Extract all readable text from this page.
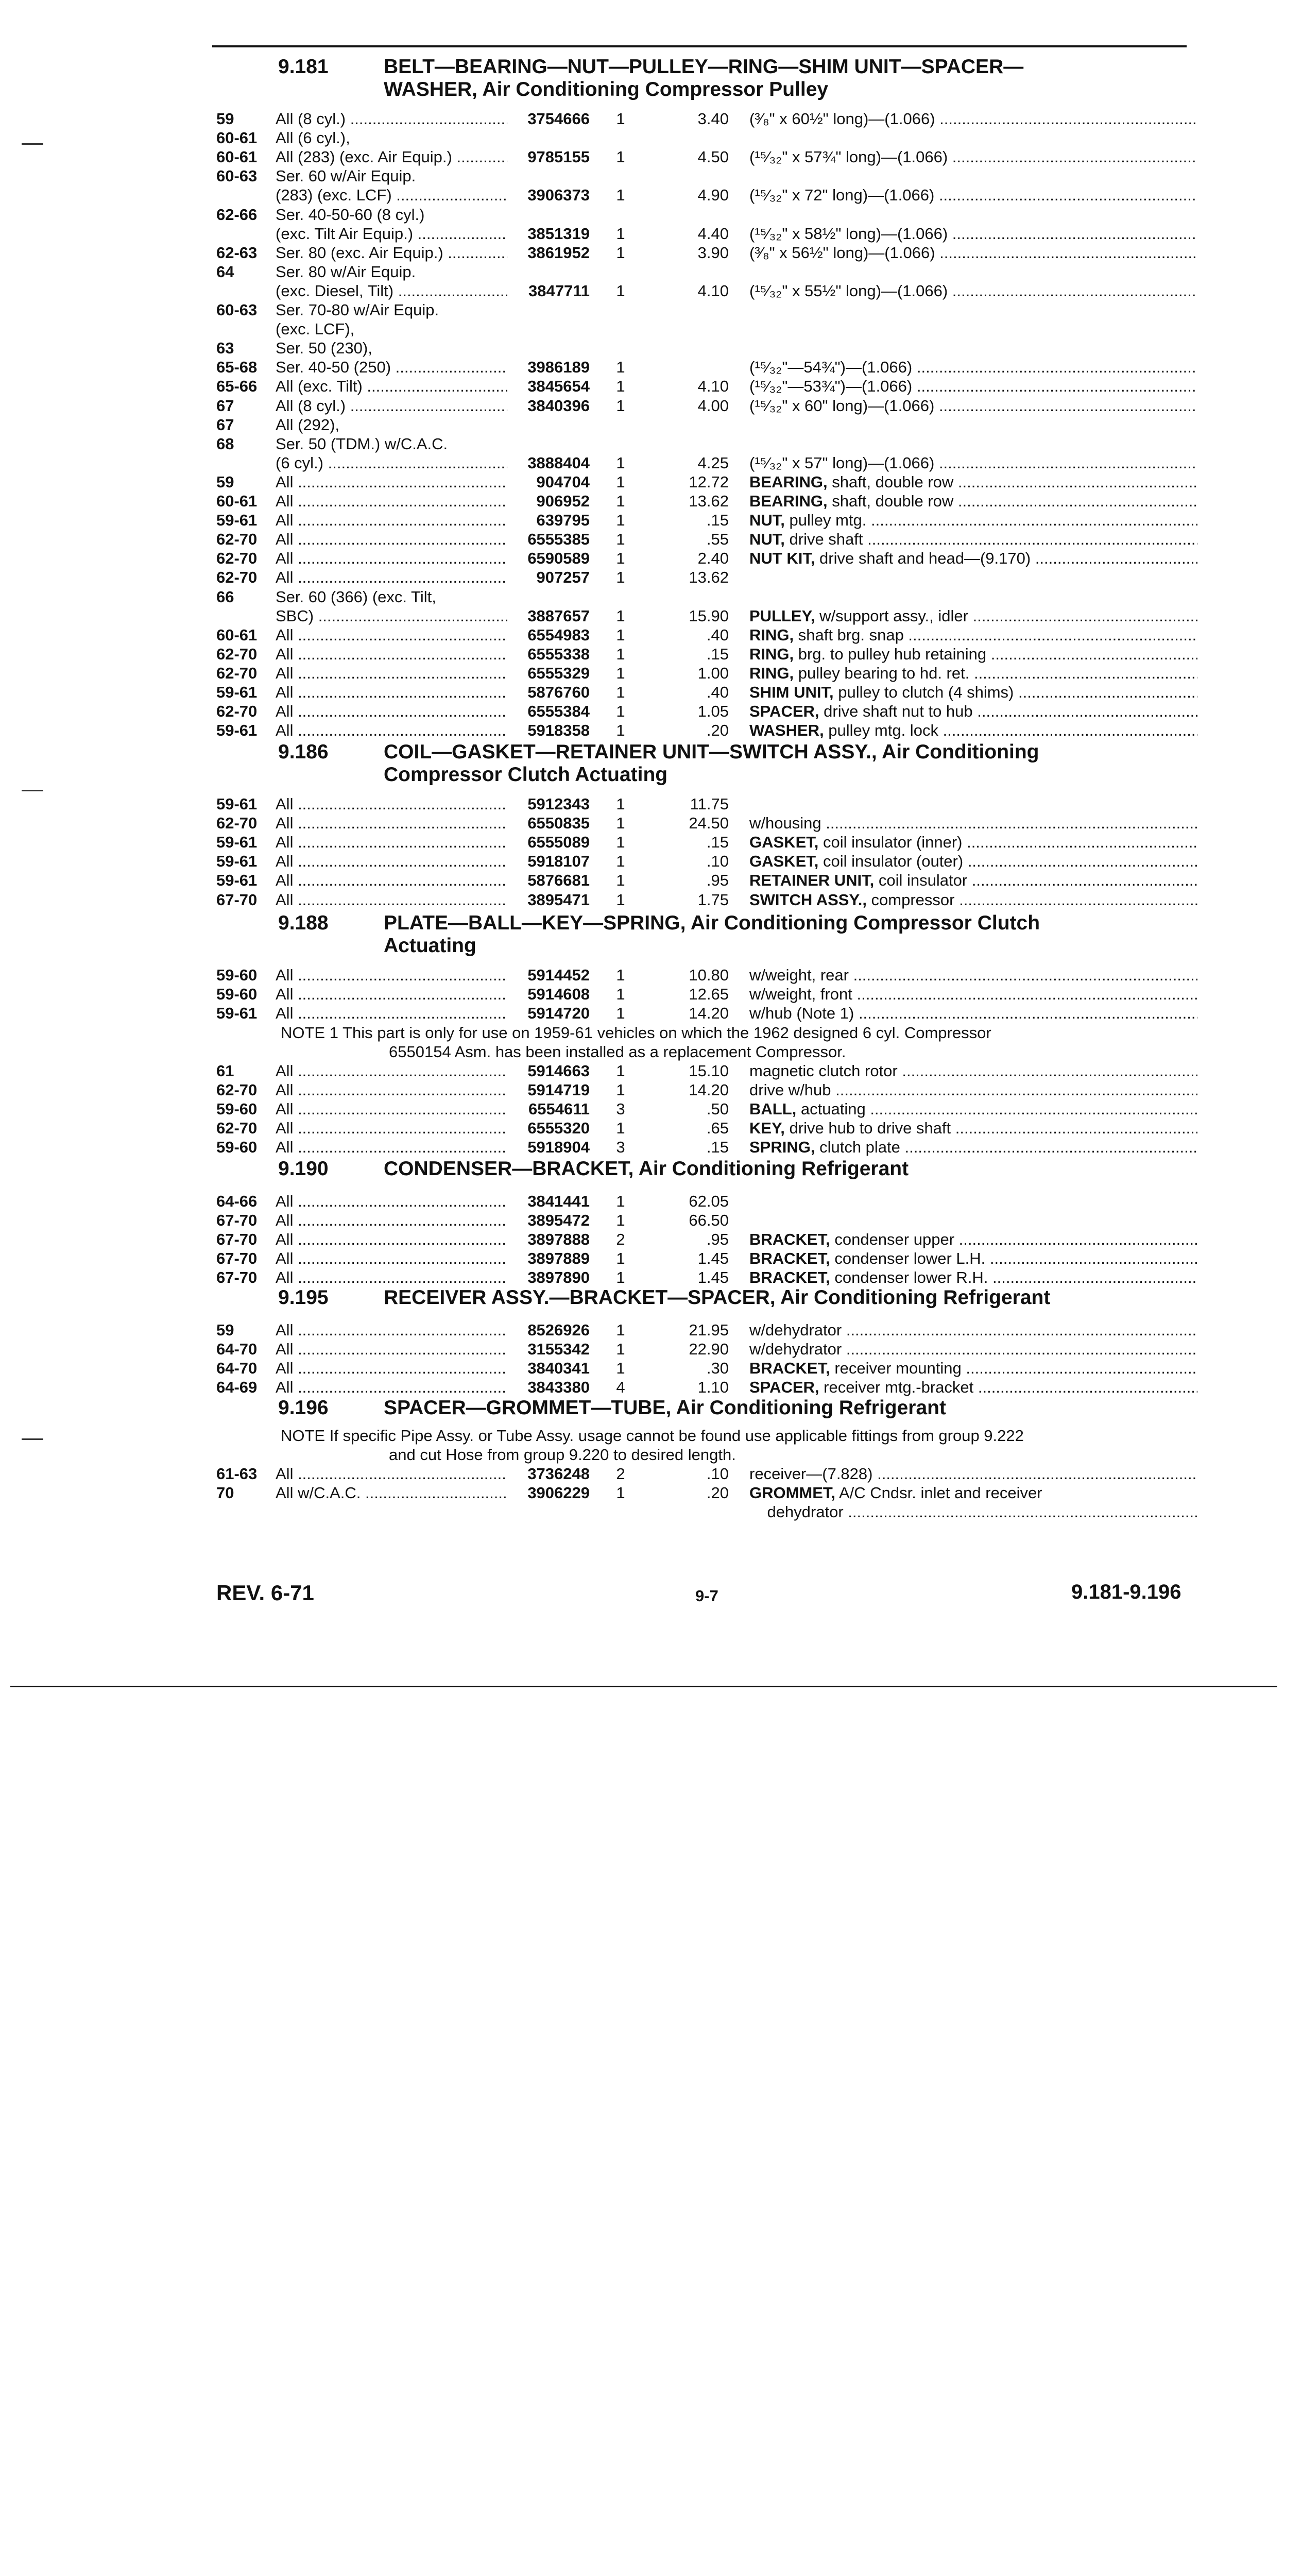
9.181	BELT—BEARING—NUT—PULLEY—RING—SHIM UNIT—SPACER—
WASHER, Air Conditioning Compressor Pulley
59	All (8 cyl.) .....	3754666	1	3.40 (³⁄₈" x 60½" long)—(1.066) .....
60-61 All (6 cyl.),
60-61 All (283) (exc. Air Equip.) .....	9785155	1	4.50 (¹⁵⁄₃₂" x 57¾" long)—(1.066) .....
60-63 Ser. 60 w/Air Equip.
(283) (exc. LCF) .....	3906373	1	4.90 (¹⁵⁄₃₂" x 72" long)—(1.066) .....
62-66 Ser. 40-50-60 (8 cyl.)
(exc. Tilt Air Equip.) .....	3851319	1	4.40 (¹⁵⁄₃₂" x 58½" long)—(1.066) .....
62-63 Ser. 80 (exc. Air Equip.) .....	3861952	1	3.90 (³⁄₈" x 56½" long)—(1.066) .....
64	Ser. 80 w/Air Equip.
(exc. Diesel, Tilt) .....	3847711	1	4.10 (¹⁵⁄₃₂" x 55½" long)—(1.066) .....
60-63 Ser. 70-80 w/Air Equip.
(exc. LCF),
63	Ser. 50 (230),
65-68 Ser. 40-50 (250) .....	3986189	1	(¹⁵⁄₃₂"—54¾")—(1.066) .....
65-66 All (exc. Tilt) .....	3845654	1	4.10 (¹⁵⁄₃₂"—53¾")—(1.066) .....
67	All (8 cyl.) .....	3840396	1	4.00 (¹⁵⁄₃₂" x 60" long)—(1.066) .....
67	All (292),
68	Ser. 50 (TDM.) w/C.A.C.
(6 cyl.) .....	3888404	1	4.25 (¹⁵⁄₃₂" x 57" long)—(1.066) .....
59	All .....	904704	1	12.72 BEARING, shaft, double row .....
60-61 All .....	906952	1	13.62 BEARING, shaft, double row .....
59-61 All .....	639795	1	.15 NUT, pulley mtg. .....
62-70 All .....	6555385	1	.55 NUT, drive shaft .....
62-70 All .....	6590589	1	2.40 NUT KIT, drive shaft and head—(9.170) .....
62-70 All .....	907257	1	13.62
66	Ser. 60 (366) (exc. Tilt,
SBC) .....	3887657	1	15.90 PULLEY, w/support assy., idler .....
60-61 All .....	6554983	1	.40 RING, shaft brg. snap .....
62-70 All .....	6555338	1	.15 RING, brg. to pulley hub retaining .....
62-70 All .....	6555329	1	1.00 RING, pulley bearing to hd. ret. .....
59-61 All .....	5876760	1	.40 SHIM UNIT, pulley to clutch (4 shims) .....
62-70 All .....	6555384	1	1.05 SPACER, drive shaft nut to hub .....
59-61 All .....	5918358	1	.20 WASHER, pulley mtg. lock .....
9.186	COIL—GASKET—RETAINER UNIT—SWITCH ASSY., Air Conditioning
Compressor Clutch Actuating
59-61 All .....	5912343	1	11.75
62-70 All .....	6550835	1	24.50 w/housing .....
59-61 All .....	6555089	1	.15 GASKET, coil insulator (inner) .....
59-61 All .....	5918107	1	.10 GASKET, coil insulator (outer) .....
59-61 All .....	5876681	1	.95 RETAINER UNIT, coil insulator .....
67-70 All .....	3895471	1	1.75 SWITCH ASSY., compressor .....
9.188	PLATE—BALL—KEY—SPRING, Air Conditioning Compressor Clutch
Actuating
59-60 All .....	5914452	1	10.80 w/weight, rear .....
59-60 All .....	5914608	1	12.65 w/weight, front .....
59-61 All .....	5914720	1	14.20 w/hub (Note 1) .....
NOTE 1 This part is only for use on 1959-61 vehicles on which the 1962 designed 6 cyl. Compressor
6550154 Asm. has been installed as a replacement Compressor.
61	All .....	5914663	1	15.10 magnetic clutch rotor .....
62-70 All .....	5914719	1	14.20 drive w/hub .....
59-60 All .....	6554611	3	.50 BALL, actuating .....
62-70 All .....	6555320	1	.65 KEY, drive hub to drive shaft .....
59-60 All .....	5918904	3	.15 SPRING, clutch plate .....
9.190	CONDENSER—BRACKET, Air Conditioning Refrigerant
64-66 All .....	3841441	1	62.05
67-70 All .....	3895472	1	66.50
67-70 All .....	3897888	2	.95 BRACKET, condenser upper .....
67-70 All .....	3897889	1	1.45 BRACKET, condenser lower L.H. .....
67-70 All .....	3897890	1	1.45 BRACKET, condenser lower R.H. .....
9.195	RECEIVER ASSY.—BRACKET—SPACER, Air Conditioning Refrigerant
59	All .....	8526926	1	21.95 w/dehydrator .....
64-70 All .....	3155342	1	22.90 w/dehydrator .....
64-70 All .....	3840341	1	.30 BRACKET, receiver mounting .....
64-69 All .....	3843380	4	1.10 SPACER, receiver mtg.-bracket .....
9.196	SPACER—GROMMET—TUBE, Air Conditioning Refrigerant
61-63 All .....	3736248	2	.10 receiver—(7.828) .....
70	All w/C.A.C. .....	3906229	1	.20 GROMMET, A/C Cndsr. inlet and receiver
dehydrator .....
NOTE If specific Pipe Assy. or Tube Assy. usage cannot be found use applicable fittings from group 9.222
and cut Hose from group 9.220 to desired length.
REV. 6-71	9-7	9.181-9.196
